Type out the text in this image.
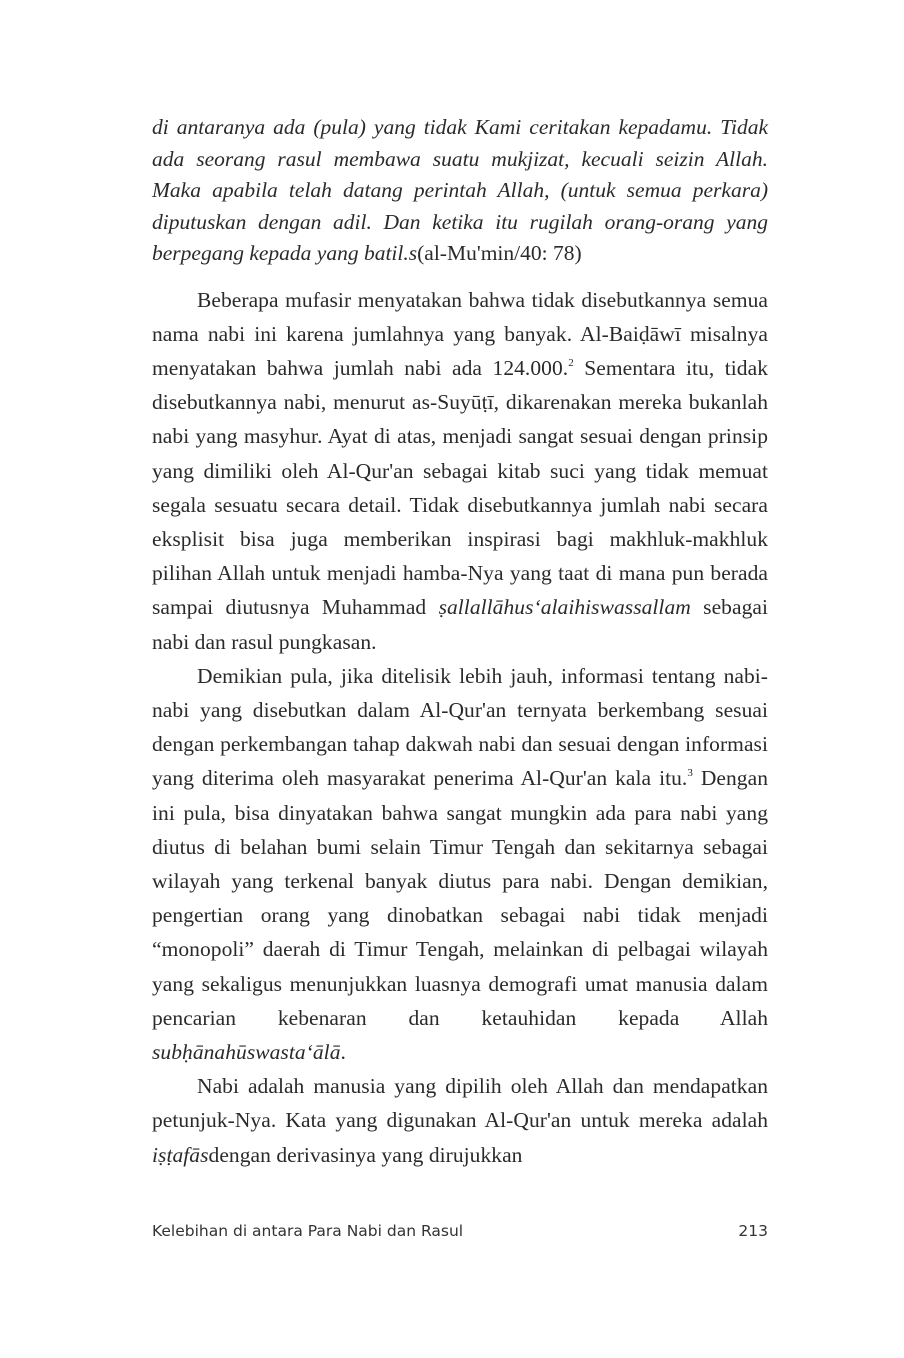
di antaranya ada (pula) yang tidak Kami ceritakan kepadamu. Tidak ada seorang rasul membawa suatu mukjizat, kecuali seizin Allah. Maka apabila telah datang perintah Allah, (untuk semua perkara) diputuskan dengan adil. Dan ketika itu rugilah orang-orang yang berpegang kepada yang batil.s(al-Mu'min/40: 78)

Beberapa mufasir menyatakan bahwa tidak disebutkannya semua nama nabi ini karena jumlahnya yang banyak. Al-Baiḍāwī misalnya menyatakan bahwa jumlah nabi ada 124.000.$^2$ Sementara itu, tidak disebutkannya nabi, menurut as-Suyūṭī, dikarenakan mereka bukanlah nabi yang masyhur. Ayat di atas, menjadi sangat sesuai dengan prinsip yang dimiliki oleh Al-Qur'an sebagai kitab suci yang tidak memuat segala sesuatu secara detail. Tidak disebutkannya jumlah nabi secara eksplisit bisa juga memberikan inspirasi bagi makhluk-makhluk pilihan Allah untuk menjadi hamba-Nya yang taat di mana pun berada sampai diutusnya Muhammad ṣallallāhus‘alaihiswassallam sebagai nabi dan rasul pungkasan.

Demikian pula, jika ditelisik lebih jauh, informasi tentang nabi-nabi yang disebutkan dalam Al-Qur'an ternyata berkembang sesuai dengan perkembangan tahap dakwah nabi dan sesuai dengan informasi yang diterima oleh masyarakat penerima Al-Qur'an kala itu.$^3$ Dengan ini pula, bisa dinyatakan bahwa sangat mungkin ada para nabi yang diutus di belahan bumi selain Timur Tengah dan sekitarnya sebagai wilayah yang terkenal banyak diutus para nabi. Dengan demikian, pengertian orang yang dinobatkan sebagai nabi tidak menjadi “monopoli” daerah di Timur Tengah, melainkan di pelbagai wilayah yang sekaligus menunjukkan luasnya demografi umat manusia dalam pencarian kebenaran dan ketauhidan kepada Allah subḥānahūswasta‘ālā.

Nabi adalah manusia yang dipilih oleh Allah dan mendapatkan petunjuk-Nya. Kata yang digunakan Al-Qur'an untuk mereka adalah iṣṭafāsdengan derivasinya yang dirujukkan

Kelebihan di antara Para Nabi dan Rasul	213
